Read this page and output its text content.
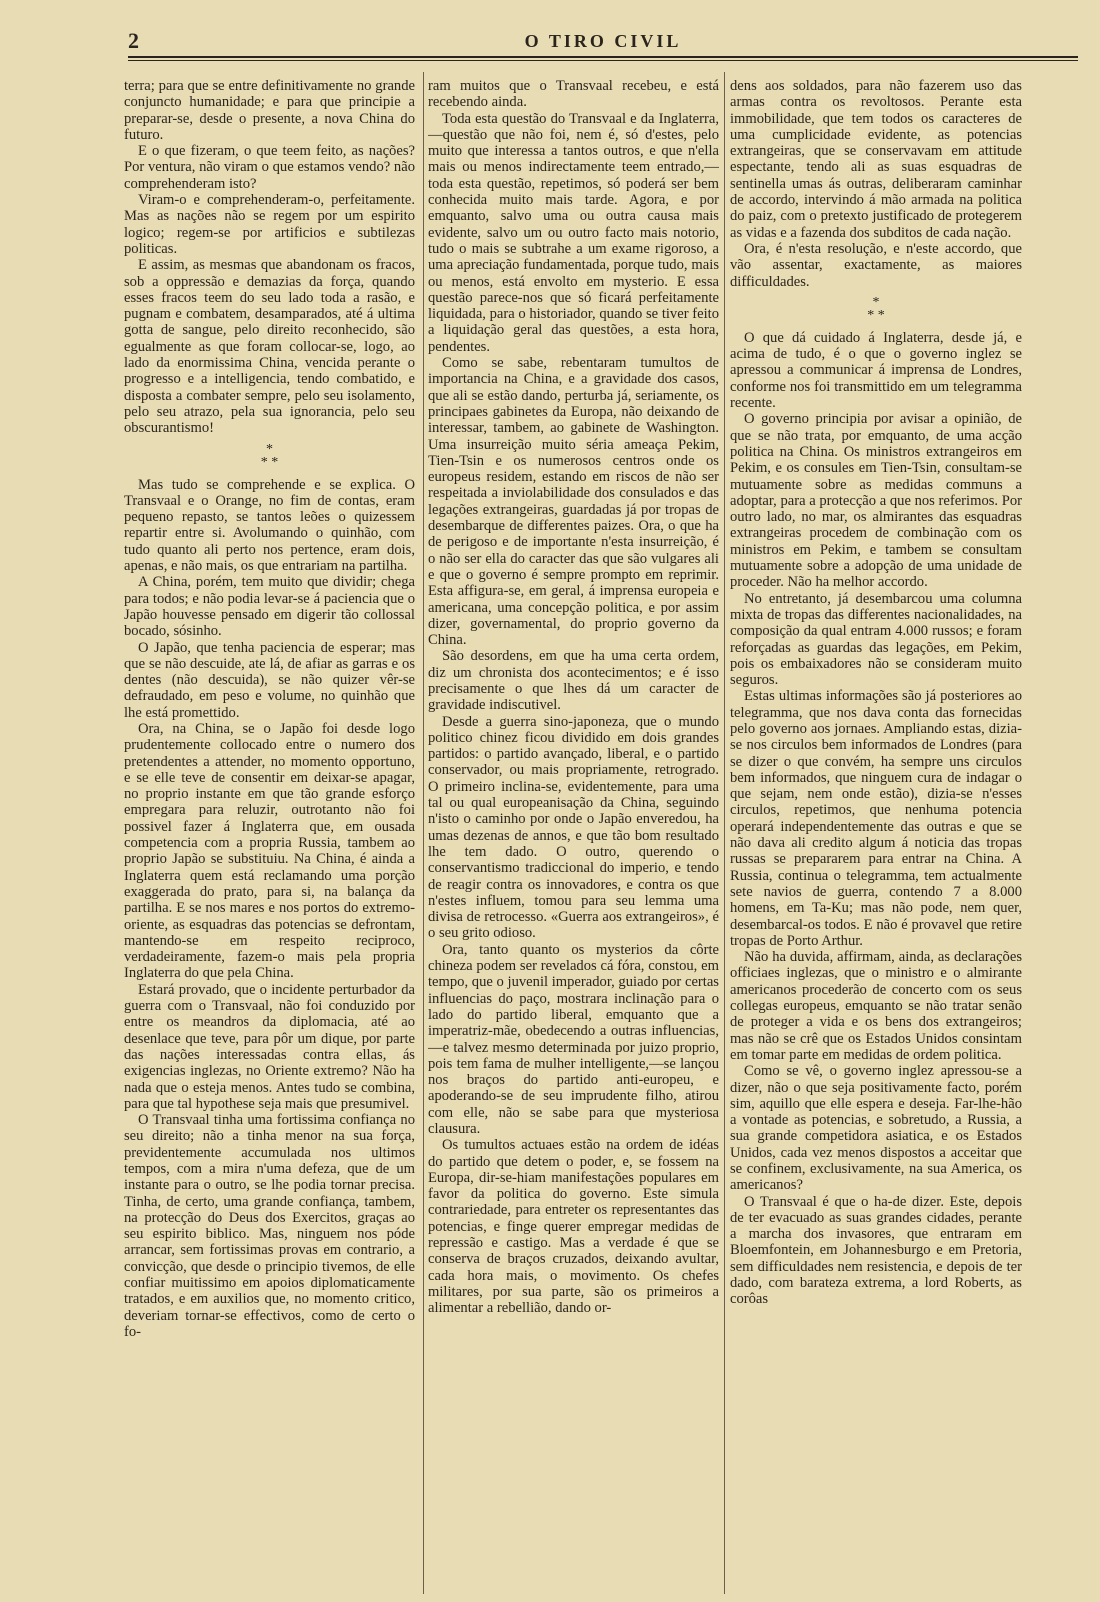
2	O TIRO CIVIL

terra; para que se entre definitivamente no grande conjuncto humanidade; e para que principie a preparar-se, desde o presente, a nova China do futuro.

E o que fizeram, o que teem feito, as nações? Por ventura, não viram o que estamos vendo? não comprehenderam isto?

Viram-o e comprehenderam-o, perfeitamente. Mas as nações não se regem por um espirito logico; regem-se por artificios e subtilezas politicas.

E assim, as mesmas que abandonam os fracos, sob a oppressão e demazias da força, quando esses fracos teem do seu lado toda a rasão, e pugnam e combatem, desamparados, até á ultima gotta de sangue, pelo direito reconhecido, são egualmente as que foram collocar-se, logo, ao lado da enormissima China, vencida perante o progresso e a intelligencia, tendo combatido, e disposta a combater sempre, pelo seu isolamento, pelo seu atrazo, pela sua ignorancia, pelo seu obscurantismo!

*
* *

Mas tudo se comprehende e se explica. O Transvaal e o Orange, no fim de contas, eram pequeno repasto, se tantos leões o quizessem repartir entre si. Avolumando o quinhão, com tudo quanto ali perto nos pertence, eram dois, apenas, e não mais, os que entrariam na partilha.

A China, porém, tem muito que dividir; chega para todos; e não podia levar-se á paciencia que o Japão houvesse pensado em digerir tão collossal bocado, sósinho.

O Japão, que tenha paciencia de esperar; mas que se não descuide, ate lá, de afiar as garras e os dentes (não descuida), se não quizer vêr-se defraudado, em peso e volume, no quinhão que lhe está promettido.

Ora, na China, se o Japão foi desde logo prudentemente collocado entre o numero dos pretendentes a attender, no momento opportuno, e se elle teve de consentir em deixar-se apagar, no proprio instante em que tão grande esforço empregara para reluzir, outrotanto não foi possivel fazer á Inglaterra que, em ousada competencia com a propria Russia, tambem ao proprio Japão se substituiu. Na China, é ainda a Inglaterra quem está reclamando uma porção exaggerada do prato, para si, na balança da partilha. E se nos mares e nos portos do extremo-oriente, as esquadras das potencias se defrontam, mantendo-se em respeito reciproco, verdadeiramente, fazem-o mais pela propria Inglaterra do que pela China.

Estará provado, que o incidente perturbador da guerra com o Transvaal, não foi conduzido por entre os meandros da diplomacia, até ao desenlace que teve, para pôr um dique, por parte das nações interessadas contra ellas, ás exigencias inglezas, no Oriente extremo? Não ha nada que o esteja menos. Antes tudo se combina, para que tal hypothese seja mais que presumivel.

O Transvaal tinha uma fortissima confiança no seu direito; não a tinha menor na sua força, previdentemente accumulada nos ultimos tempos, com a mira n'uma defeza, que de um instante para o outro, se lhe podia tornar precisa. Tinha, de certo, uma grande confiança, tambem, na protecção do Deus dos Exercitos, graças ao seu espirito biblico. Mas, ninguem nos póde arrancar, sem fortissimas provas em contrario, a convicção, que desde o principio tivemos, de elle confiar muitissimo em apoios diplomaticamente tratados, e em auxilios que, no momento critico, deveriam tornar-se effectivos, como de certo o fo-

ram muitos que o Transvaal recebeu, e está recebendo ainda.

Toda esta questão do Transvaal e da Inglaterra,—questão que não foi, nem é, só d'estes, pelo muito que interessa a tantos outros, e que n'ella mais ou menos indirectamente teem entrado,—toda esta questão, repetimos, só poderá ser bem conhecida muito mais tarde. Agora, e por emquanto, salvo uma ou outra causa mais evidente, salvo um ou outro facto mais notorio, tudo o mais se subtrahe a um exame rigoroso, a uma apreciação fundamentada, porque tudo, mais ou menos, está envolto em mysterio. E essa questão parece-nos que só ficará perfeitamente liquidada, para o historiador, quando se tiver feito a liquidação geral das questões, a esta hora, pendentes.

Como se sabe, rebentaram tumultos de importancia na China, e a gravidade dos casos, que ali se estão dando, perturba já, seriamente, os principaes gabinetes da Europa, não deixando de interessar, tambem, ao gabinete de Washington. Uma insurreição muito séria ameaça Pekim, Tien-Tsin e os numerosos centros onde os europeus residem, estando em riscos de não ser respeitada a inviolabilidade dos consulados e das legações extrangeiras, guardadas já por tropas de desembarque de differentes paizes. Ora, o que ha de perigoso e de importante n'esta insurreição, é o não ser ella do caracter das que são vulgares ali e que o governo é sempre prompto em reprimir. Esta affigura-se, em geral, á imprensa europeia e americana, uma concepção politica, e por assim dizer, governamental, do proprio governo da China.

São desordens, em que ha uma certa ordem, diz um chronista dos acontecimentos; e é isso precisamente o que lhes dá um caracter de gravidade indiscutivel.

Desde a guerra sino-japoneza, que o mundo politico chinez ficou dividido em dois grandes partidos: o partido avançado, liberal, e o partido conservador, ou mais propriamente, retrogrado. O primeiro inclina-se, evidentemente, para uma tal ou qual europeanisação da China, seguindo n'isto o caminho por onde o Japão enveredou, ha umas dezenas de annos, e que tão bom resultado lhe tem dado. O outro, querendo o conservantismo tradiccional do imperio, e tendo de reagir contra os innovadores, e contra os que n'estes influem, tomou para seu lemma uma divisa de retrocesso. «Guerra aos extrangeiros», é o seu grito odioso.

Ora, tanto quanto os mysterios da côrte chineza podem ser revelados cá fóra, constou, em tempo, que o juvenil imperador, guiado por certas influencias do paço, mostrara inclinação para o lado do partido liberal, emquanto que a imperatriz-mãe, obedecendo a outras influencias,—e talvez mesmo determinada por juizo proprio, pois tem fama de mulher intelligente,—se lançou nos braços do partido anti-europeu, e apoderando-se de seu imprudente filho, atirou com elle, não se sabe para que mysteriosa clausura.

Os tumultos actuaes estão na ordem de idéas do partido que detem o poder, e, se fossem na Europa, dir-se-hiam manifestações populares em favor da politica do governo. Este simula contrariedade, para entreter os representantes das potencias, e finge querer empregar medidas de repressão e castigo. Mas a verdade é que se conserva de braços cruzados, deixando avultar, cada hora mais, o movimento. Os chefes militares, por sua parte, são os primeiros a alimentar a rebellião, dando or-

dens aos soldados, para não fazerem uso das armas contra os revoltosos. Perante esta immobilidade, que tem todos os caracteres de uma cumplicidade evidente, as potencias extrangeiras, que se conservavam em attitude espectante, tendo ali as suas esquadras de sentinella umas ás outras, deliberaram caminhar de accordo, intervindo á mão armada na politica do paiz, com o pretexto justificado de protegerem as vidas e a fazenda dos subditos de cada nação.

Ora, é n'esta resolução, e n'este accordo, que vão assentar, exactamente, as maiores difficuldades.

*
* *

O que dá cuidado á Inglaterra, desde já, e acima de tudo, é o que o governo inglez se apressou a communicar á imprensa de Londres, conforme nos foi transmittido em um telegramma recente.

O governo principia por avisar a opinião, de que se não trata, por emquanto, de uma acção politica na China. Os ministros extrangeiros em Pekim, e os consules em Tien-Tsin, consultam-se mutuamente sobre as medidas communs a adoptar, para a protecção a que nos referimos. Por outro lado, no mar, os almirantes das esquadras extrangeiras procedem de combinação com os ministros em Pekim, e tambem se consultam mutuamente sobre a adopção de uma unidade de proceder. Não ha melhor accordo.

No entretanto, já desembarcou uma columna mixta de tropas das differentes nacionalidades, na composição da qual entram 4.000 russos; e foram reforçadas as guardas das legações, em Pekim, pois os embaixadores não se consideram muito seguros.

Estas ultimas informações são já posteriores ao telegramma, que nos dava conta das fornecidas pelo governo aos jornaes. Ampliando estas, dizia-se nos circulos bem informados de Londres (para se dizer o que convém, ha sempre uns circulos bem informados, que ninguem cura de indagar o que sejam, nem onde estão), dizia-se n'esses circulos, repetimos, que nenhuma potencia operará independentemente das outras e que se não dava ali credito algum á noticia das tropas russas se prepararem para entrar na China. A Russia, continua o telegramma, tem actualmente sete navios de guerra, contendo 7 a 8.000 homens, em Ta-Ku; mas não pode, nem quer, desembarcal-os todos. E não é provavel que retire tropas de Porto Arthur.

Não ha duvida, affirmam, ainda, as declarações officiaes inglezas, que o ministro e o almirante americanos procederão de concerto com os seus collegas europeus, emquanto se não tratar senão de proteger a vida e os bens dos extrangeiros; mas não se crê que os Estados Unidos consintam em tomar parte em medidas de ordem politica.

Como se vê, o governo inglez apressou-se a dizer, não o que seja positivamente facto, porém sim, aquillo que elle espera e deseja. Far-lhe-hão a vontade as potencias, e sobretudo, a Russia, a sua grande competidora asiatica, e os Estados Unidos, cada vez menos dispostos a acceitar que se confinem, exclusivamente, na sua America, os americanos?

O Transvaal é que o ha-de dizer. Este, depois de ter evacuado as suas grandes cidades, perante a marcha dos invasores, que entraram em Bloemfontein, em Johannesburgo e em Pretoria, sem difficuldades nem resistencia, e depois de ter dado, com barateza extrema, a lord Roberts, as corôas
